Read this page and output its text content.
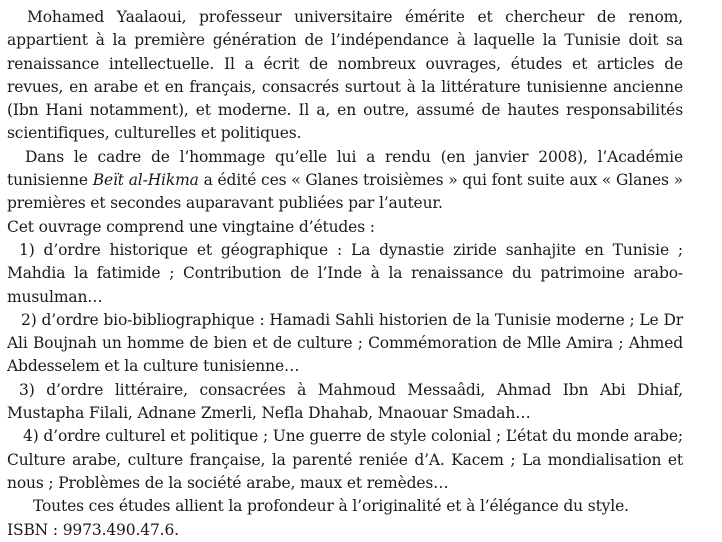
Mohamed Yaalaoui, professeur universitaire émérite et chercheur de renom, appartient à la première génération de l’indépendance à laquelle la Tunisie doit sa renaissance intellectuelle. Il a écrit de nombreux ouvrages, études et articles de revues, en arabe et en français, consacrés surtout à la littérature tunisienne ancienne (Ibn Hani notamment), et moderne. Il a, en outre, assumé de hautes responsabilités scientifiques, culturelles et politiques.

Dans le cadre de l’hommage qu’elle lui a rendu (en janvier 2008), l’Académie tunisienne Beït al-Hikma a édité ces « Glanes troisièmes » qui font suite aux « Glanes » premières et secondes auparavant publiées par l’auteur.

Cet ouvrage comprend une vingtaine d’études :

1) d’ordre historique et géographique : La dynastie ziride sanhajite en Tunisie ; Mahdia la fatimide ; Contribution de l’Inde à la renaissance du patrimoine arabo-musulman…

2) d’ordre bio-bibliographique : Hamadi Sahli historien de la Tunisie moderne ; Le Dr Ali Boujnah un homme de bien et de culture ; Commémoration de Mlle Amira ; Ahmed Abdesselem et la culture tunisienne…

3) d’ordre littéraire, consacrées à Mahmoud Messaâdi, Ahmad Ibn Abi Dhiaf, Mustapha Filali, Adnane Zmerli, Nefla Dhahab, Mnaouar Smadah…

4) d’ordre culturel et politique ; Une guerre de style colonial ; L’état du monde arabe; Culture arabe, culture française, la parenté reniée d’A. Kacem ; La mondialisation et nous ; Problèmes de la société arabe, maux et remèdes…

Toutes ces études allient la profondeur à l’originalité et à l’élégance du style.

ISBN : 9973.490.47.6.
